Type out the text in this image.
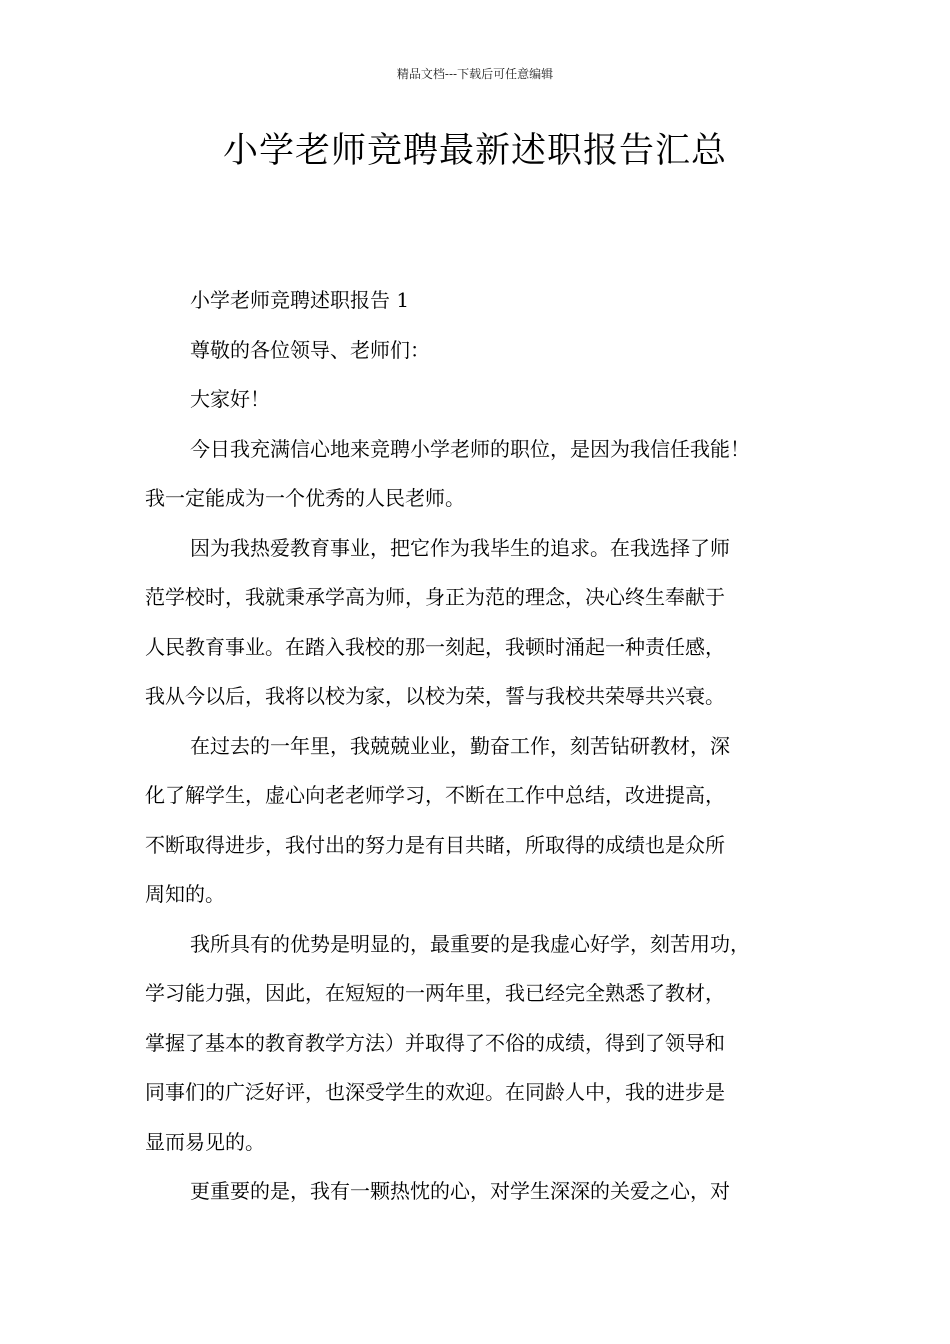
精品文档---下载后可任意编辑
小学老师竞聘最新述职报告汇总

小学老师竞聘述职报告 1

尊敬的各位领导、老师们：

大家好！

今日我充满信心地来竞聘小学老师的职位，是因为我信任我能！
我一定能成为一个优秀的人民老师。

因为我热爱教育事业，把它作为我毕生的追求。在我选择了师
范学校时，我就秉承学高为师，身正为范的理念，决心终生奉献于
人民教育事业。在踏入我校的那一刻起，我顿时涌起一种责任感，
我从今以后，我将以校为家，以校为荣，誓与我校共荣辱共兴衰。

在过去的一年里，我兢兢业业，勤奋工作，刻苦钻研教材，深
化了解学生，虚心向老老师学习，不断在工作中总结，改进提高，
不断取得进步，我付出的努力是有目共睹，所取得的成绩也是众所
周知的。

我所具有的优势是明显的，最重要的是我虚心好学，刻苦用功，
学习能力强，因此，在短短的一两年里，我已经完全熟悉了教材，
掌握了基本的教育教学方法）并取得了不俗的成绩，得到了领导和
同事们的广泛好评，也深受学生的欢迎。在同龄人中，我的进步是
显而易见的。

更重要的是，我有一颗热忱的心，对学生深深的关爱之心，对
